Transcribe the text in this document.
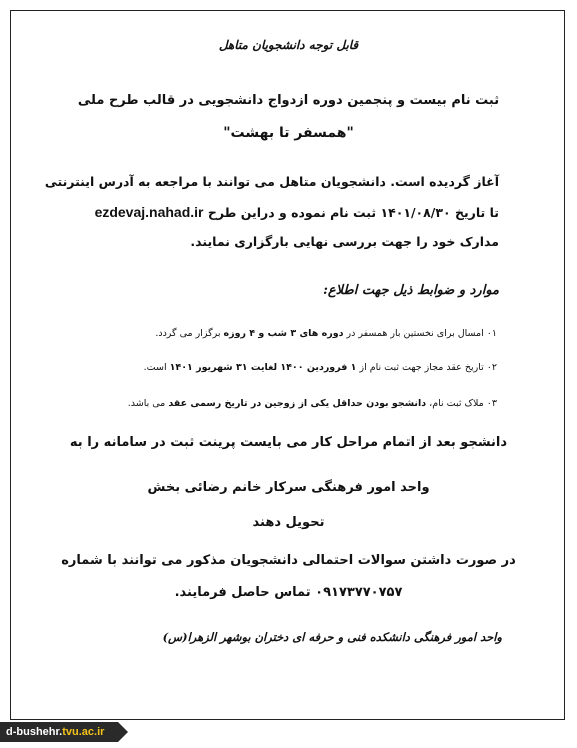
قابل توجه دانشجویان متاهل
ثبت نام بیست و پنجمین دوره ازدواج دانشجویی در قالب طرح ملی
"همسفر تا بهشت"
آغاز گردیده است. دانشجویان متاهل می توانند با مراجعه به آدرس اینترنتی
تا تاریخ ۱۴۰۱/۰۸/۳۰ ثبت نام نموده و دراین طرح ezdevaj.nahad.ir
مدارک خود را جهت بررسی نهایی بارگزاری نمایند.
موارد و ضوابط ذیل جهت اطلاع:
۰۱ امسال برای نخستین بار همسفر در دوره های ۳ شب و ۴ روزه برگزار می گردد.
۰۲ تاریخ عقد مجاز جهت ثبت نام از ۱ فروردین ۱۴۰۰ لغایت ۳۱ شهریور ۱۴۰۱ است.
۰۳ ملاک ثبت نام، دانشجو بودن حداقل یکی از زوجین در تاریخ رسمی عقد می باشد.
دانشجو بعد از اتمام مراحل کار می بایست پرینت ثبت در سامانه را به
واحد امور فرهنگی سرکار خانم رضائی بخش
تحویل دهند
در صورت داشتن سوالات احتمالی دانشجویان مذکور می توانند با شماره
۰۹۱۷۳۷۷۰۷۵۷ تماس حاصل فرمایند.
واحد امور فرهنگی دانشکده فنی و حرفه ای دختران بوشهر الزهرا(س)
d-bushehr.tvu.ac.ir
